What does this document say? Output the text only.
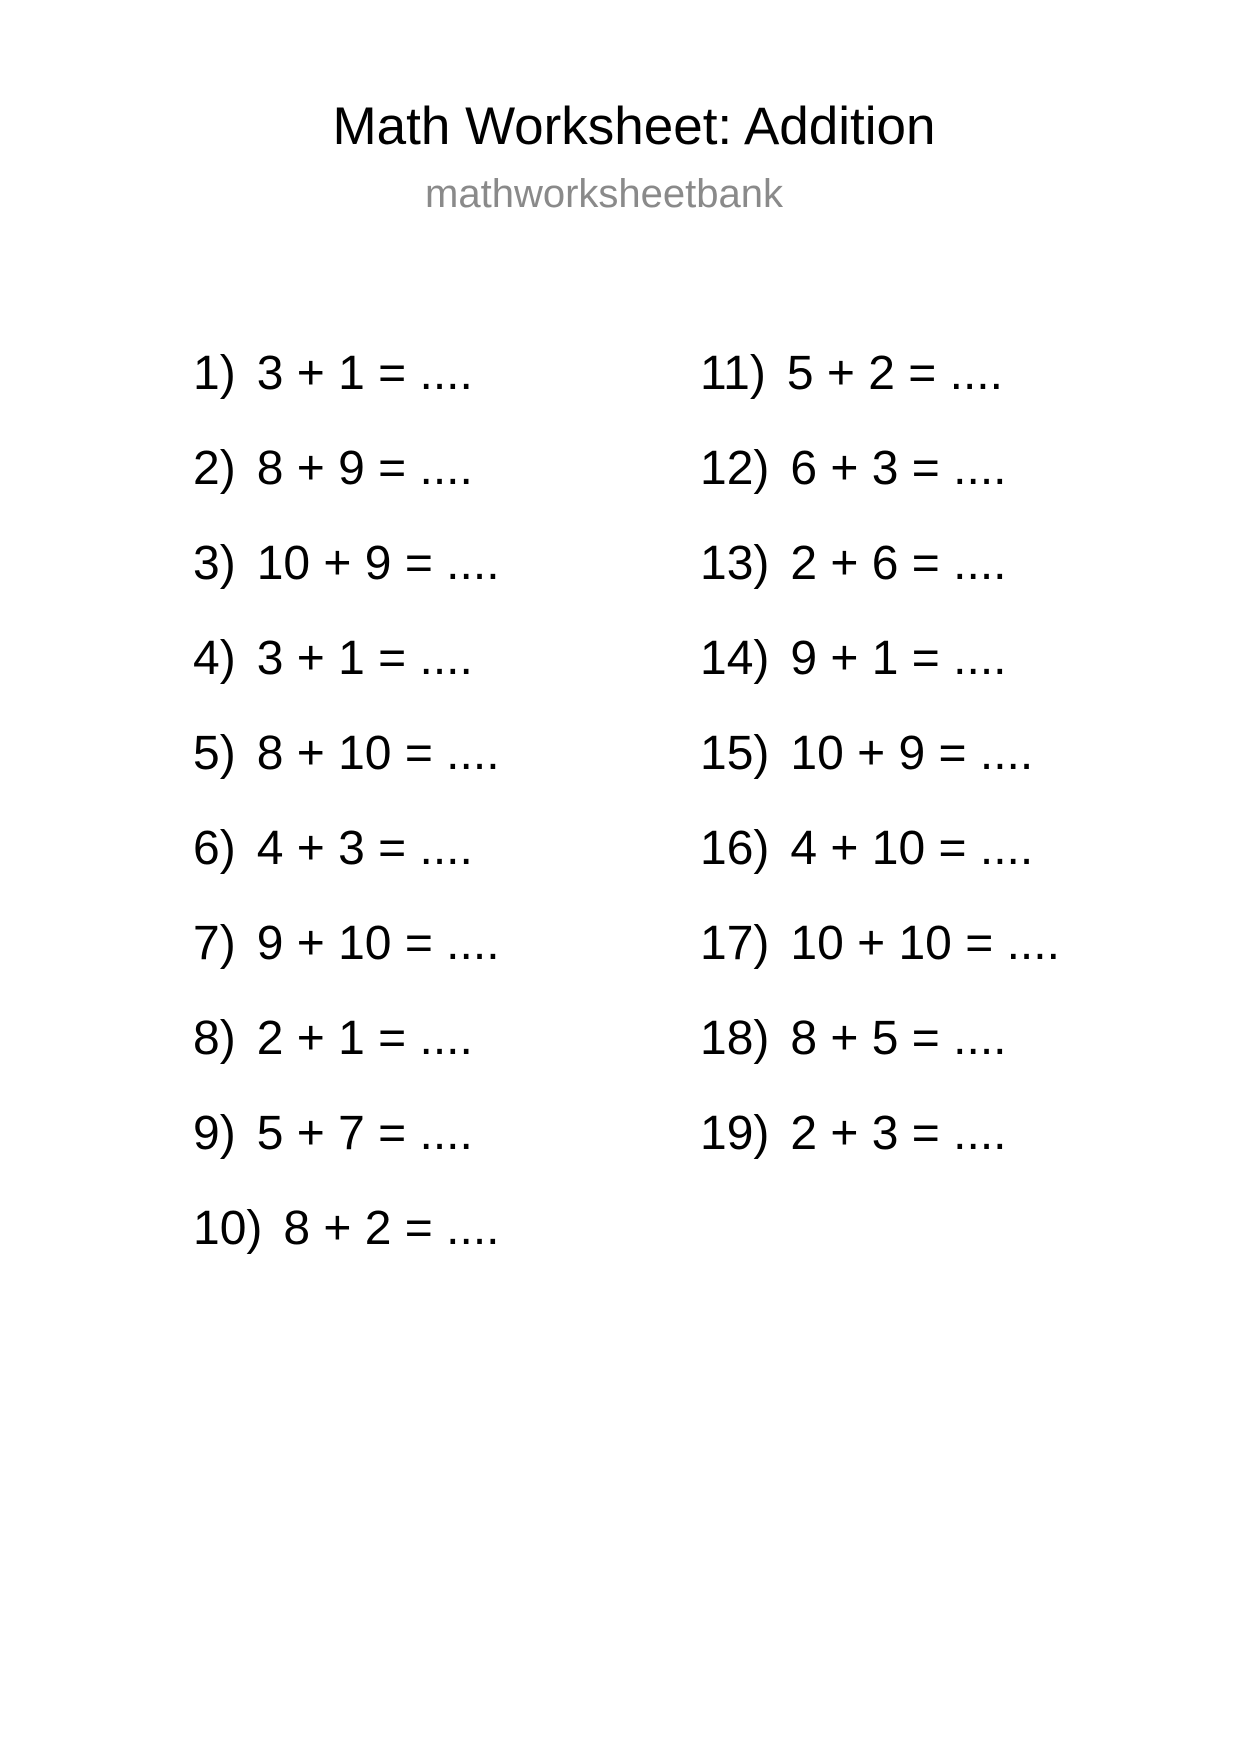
Math Worksheet: Addition
mathworksheetbank
1) 3 + 1 = ....
2) 8 + 9 = ....
3) 10 + 9 = ....
4) 3 + 1 = ....
5) 8 + 10 = ....
6) 4 + 3 = ....
7) 9 + 10 = ....
8) 2 + 1 = ....
9) 5 + 7 = ....
10) 8 + 2 = ....
11) 5 + 2 = ....
12) 6 + 3 = ....
13) 2 + 6 = ....
14) 9 + 1 = ....
15) 10 + 9 = ....
16) 4 + 10 = ....
17) 10 + 10 = ....
18) 8 + 5 = ....
19) 2 + 3 = ....
